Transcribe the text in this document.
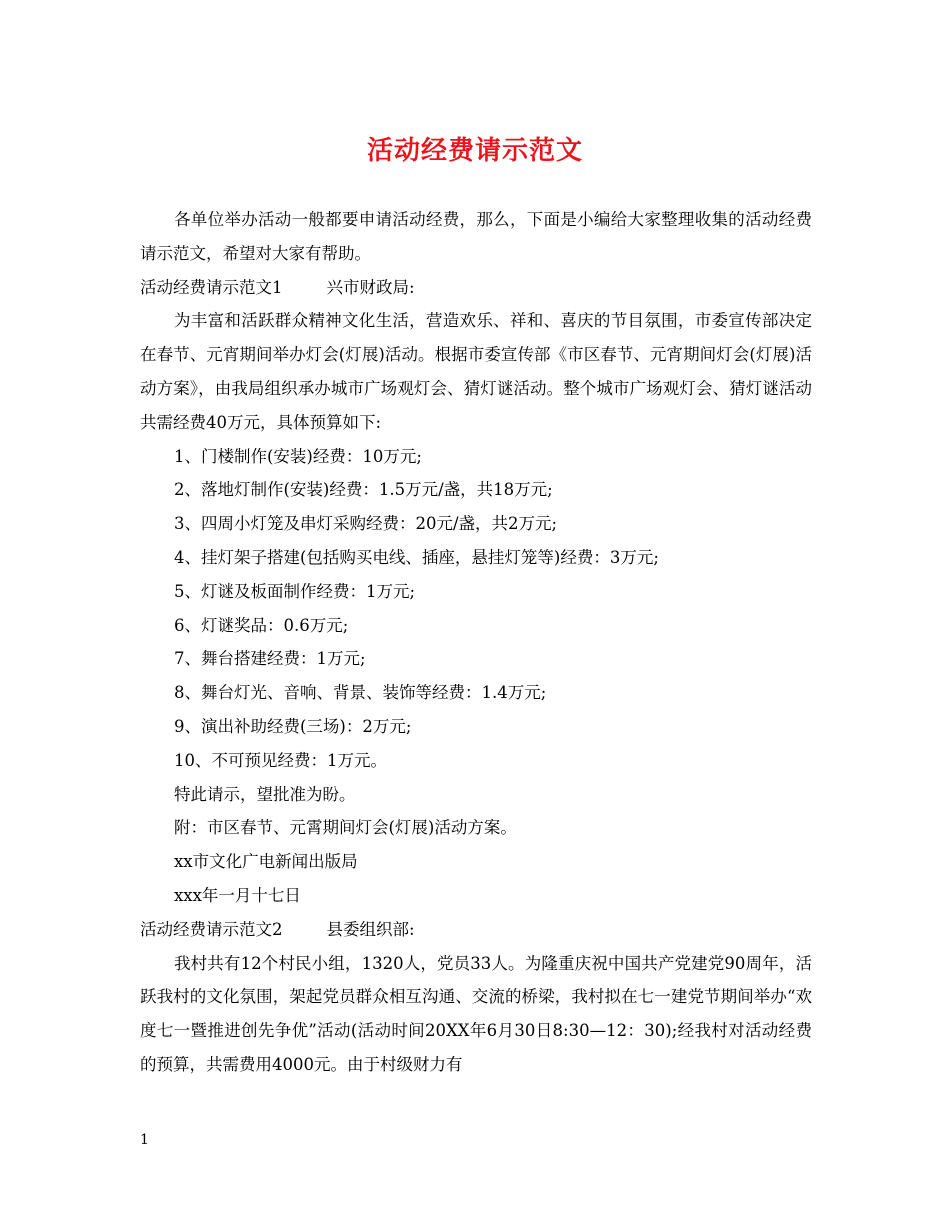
活动经费请示范文

各单位举办活动一般都要申请活动经费，那么，下面是小编给大家整理收集的活动经费请示范文，希望对大家有帮助。

活动经费请示范文1	兴市财政局:

为丰富和活跃群众精神文化生活，营造欢乐、祥和、喜庆的节目氛围，市委宣传部决定在春节、元宵期间举办灯会(灯展)活动。根据市委宣传部《市区春节、元宵期间灯会(灯展)活动方案》，由我局组织承办城市广场观灯会、猜灯谜活动。整个城市广场观灯会、猜灯谜活动共需经费40万元，具体预算如下:

1、门楼制作(安装)经费：10万元;

2、落地灯制作(安装)经费：1.5万元/盏，共18万元;

3、四周小灯笼及串灯采购经费：20元/盏，共2万元;

4、挂灯架子搭建(包括购买电线、插座，悬挂灯笼等)经费：3万元;

5、灯谜及板面制作经费：1万元;

6、灯谜奖品：0.6万元;

7、舞台搭建经费：1万元;

8、舞台灯光、音响、背景、装饰等经费：1.4万元;

9、演出补助经费(三场)：2万元;

10、不可预见经费：1万元。

特此请示，望批准为盼。

附：市区春节、元霄期间灯会(灯展)活动方案。

xx市文化广电新闻出版局

xxx年一月十七日

活动经费请示范文2	县委组织部:

我村共有12个村民小组，1320人，党员33人。为隆重庆祝中国共产党建党90周年，活跃我村的文化氛围，架起党员群众相互沟通、交流的桥梁，我村拟在七一建党节期间举办“欢度七一暨推进创先争优”活动(活动时间20XX年6月30日8:30—12：30);经我村对活动经费的预算，共需费用4000元。由于村级财力有

1
